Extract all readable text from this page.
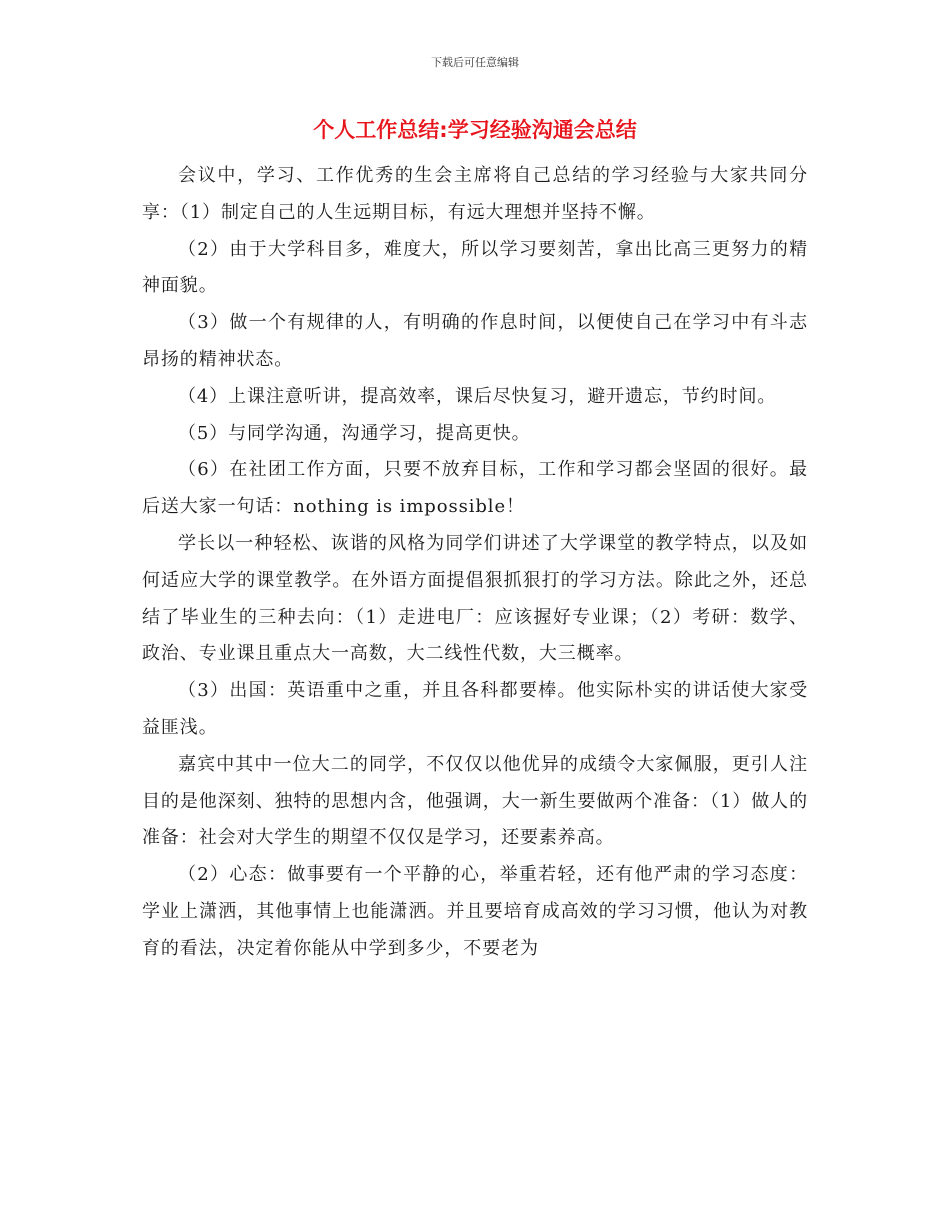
下载后可任意编辑
个人工作总结:学习经验沟通会总结

会议中，学习、工作优秀的生会主席将自己总结的学习经验与大家共同分享：（1）制定自己的人生远期目标，有远大理想并坚持不懈。

（2）由于大学科目多，难度大，所以学习要刻苦，拿出比高三更努力的精神面貌。

（3）做一个有规律的人，有明确的作息时间，以便使自己在学习中有斗志昂扬的精神状态。

（4）上课注意听讲，提高效率，课后尽快复习，避开遗忘，节约时间。

（5）与同学沟通，沟通学习，提高更快。

（6）在社团工作方面，只要不放弃目标，工作和学习都会坚固的很好。最后送大家一句话：nothing is impossible！

学长以一种轻松、诙谐的风格为同学们讲述了大学课堂的教学特点，以及如何适应大学的课堂教学。在外语方面提倡狠抓狠打的学习方法。除此之外，还总结了毕业生的三种去向：（1）走进电厂：应该握好专业课；（2）考研：数学、政治、专业课且重点大一高数，大二线性代数，大三概率。

（3）出国：英语重中之重，并且各科都要棒。他实际朴实的讲话使大家受益匪浅。

嘉宾中其中一位大二的同学，不仅仅以他优异的成绩令大家佩服，更引人注目的是他深刻、独特的思想内含，他强调，大一新生要做两个准备：（1）做人的准备：社会对大学生的期望不仅仅是学习，还要素养高。

（2）心态：做事要有一个平静的心，举重若轻，还有他严肃的学习态度：学业上潇洒，其他事情上也能潇洒。并且要培育成高效的学习习惯，他认为对教育的看法，决定着你能从中学到多少，不要老为
